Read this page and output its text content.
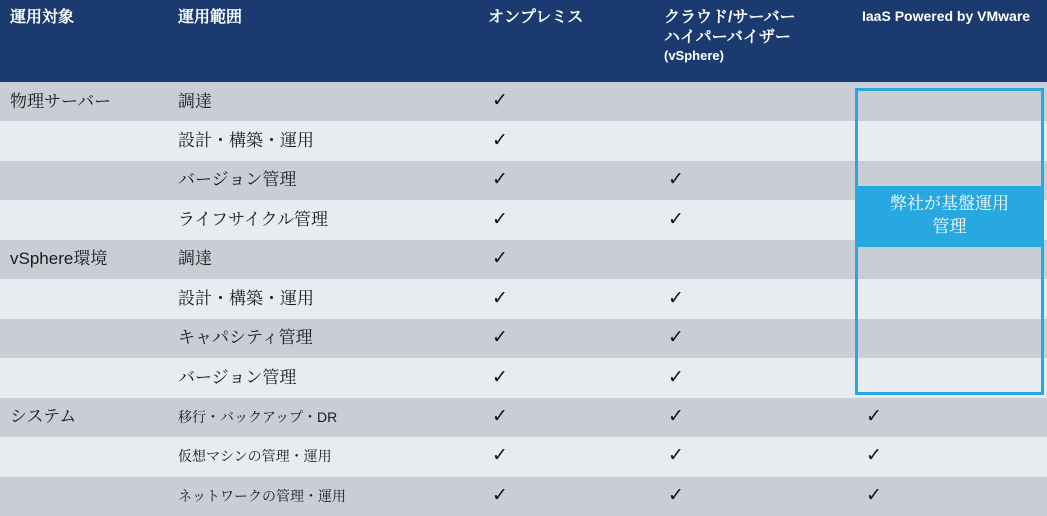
運用対象	運用範囲	オンプレミス	クラウド/サーバー
ハイパーバイザー
(vSphere)	IaaS Powered by VMware
物理サーバー	調達	✓		
	設計・構築・運用	✓		
	バージョン管理	✓	✓	
	ライフサイクル管理	✓	✓	
vSphere環境	調達	✓		
	設計・構築・運用	✓	✓	
	キャパシティ管理	✓	✓	
	バージョン管理	✓	✓	
システム	移行・バックアップ・DR	✓	✓	✓
	仮想マシンの管理・運用	✓	✓	✓
	ネットワークの管理・運用	✓	✓	✓
弊社が基盤運用
管理
